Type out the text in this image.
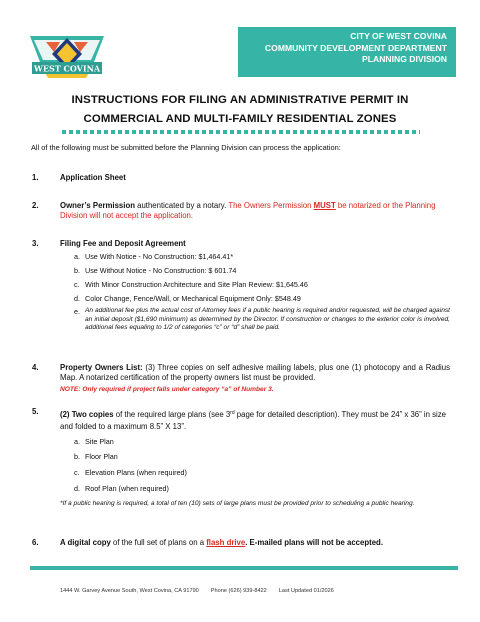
WEST COVINA
CITY OF WEST COVINA
COMMUNITY DEVELOPMENT DEPARTMENT
PLANNING DIVISION
INSTRUCTIONS FOR FILING AN ADMINISTRATIVE PERMIT IN
COMMERCIAL AND MULTI-FAMILY RESIDENTIAL ZONES
All of the following must be submitted before the Planning Division can process the application:
1.	Application Sheet
2.	Owner’s Permission authenticated by a notary. The Owners Permission MUST be notarized or the Planning Division will not accept the application.
3.	Filing Fee and Deposit Agreement
a. Use With Notice - No Construction: $1,464.41*
b. Use Without Notice - No Construction: $ 601.74
c. With Minor Construction Architecture and Site Plan Review: $1,645.46
d. Color Change, Fence/Wall, or Mechanical Equipment Only: $548.49
e. An additional fee plus the actual cost of Attorney fees if a public hearing is required and/or requested, will be charged against an initial deposit ($1,690 minimum) as determined by the Director. If construction or changes to the exterior color is involved, additional fees equaling to 1/2 of categories “c” or “d” shall be paid.
4.	Property Owners List: (3) Three copies on self adhesive mailing labels, plus one (1) photocopy and a Radius Map. A notarized certification of the property owners list must be provided.
NOTE: Only required if project falls under category “a” of Number 3.
5.	(2) Two copies of the required large plans (see 3rd page for detailed description). They must be 24” x 36” in size and folded to a maximum 8.5” X 13”.
a. Site Plan
b. Floor Plan
c. Elevation Plans (when required)
d. Roof Plan (when required)
*If a public hearing is required, a total of ten (10) sets of large plans must be provided prior to scheduling a public hearing.
6.	A digital copy of the full set of plans on a flash drive. E-mailed plans will not be accepted.
1444 W. Garvey Avenue South, West Covina, CA 91790 Phone (626) 939-8422 Last Updated 01/2026
